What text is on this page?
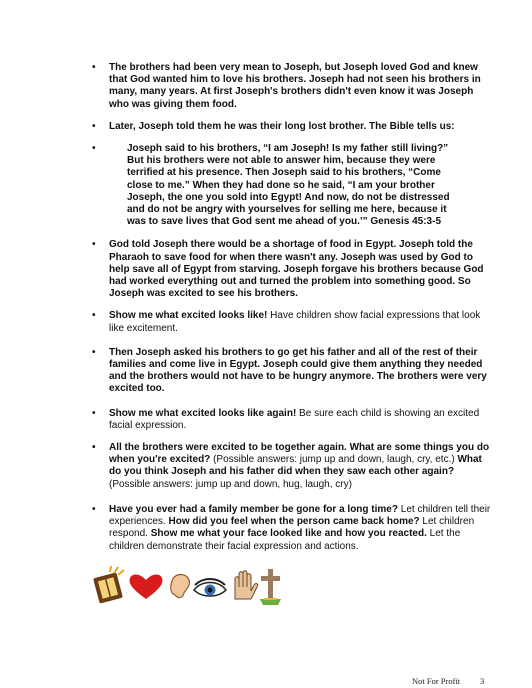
• The brothers had been very mean to Joseph, but Joseph loved God and knew that God wanted him to love his brothers. Joseph had not seen his brothers in many, many years. At first Joseph's brothers didn't even know it was Joseph who was giving them food.
• Later, Joseph told them he was their long lost brother. The Bible tells us:
• Joseph said to his brothers, “I am Joseph! Is my father still living?” But his brothers were not able to answer him, because they were terrified at his presence. Then Joseph said to his brothers, “Come close to me.” When they had done so he said, “I am your brother Joseph, the one you sold into Egypt! And now, do not be distressed and do not be angry with yourselves for selling me here, because it was to save lives that God sent me ahead of you.’” Genesis 45:3-5
• God told Joseph there would be a shortage of food in Egypt. Joseph told the Pharaoh to save food for when there wasn't any. Joseph was used by God to help save all of Egypt from starving. Joseph forgave his brothers because God had worked everything out and turned the problem into something good. So Joseph was excited to see his brothers.
• Show me what excited looks like! Have children show facial expressions that look like excitement.
• Then Joseph asked his brothers to go get his father and all of the rest of their families and come live in Egypt. Joseph could give them anything they needed and the brothers would not have to be hungry anymore. The brothers were very excited too.
• Show me what excited looks like again! Be sure each child is showing an excited facial expression.
• All the brothers were excited to be together again. What are some things you do when you're excited? (Possible answers: jump up and down, laugh, cry, etc.) What do you think Joseph and his father did when they saw each other again? (Possible answers: jump up and down, hug, laugh, cry)
• Have you ever had a family member be gone for a long time? Let children tell their experiences. How did you feel when the person came back home? Let children respond. Show me what your face looked like and how you reacted. Let the children demonstrate their facial expression and actions.
Not For Profit 3
